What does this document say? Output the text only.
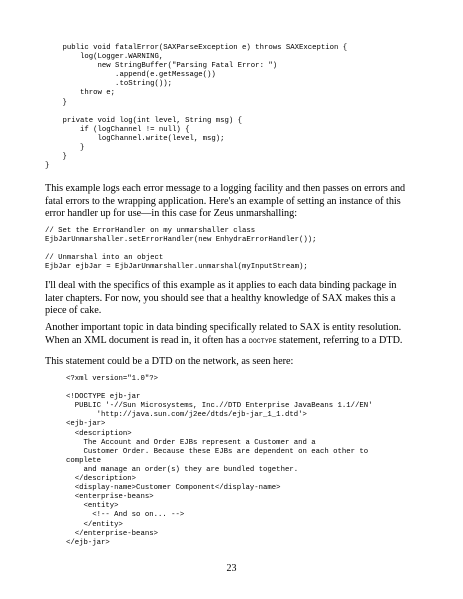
public void fatalError(SAXParseException e) throws SAXException {
log(Logger.WARNING,
new StringBuffer("Parsing Fatal Error: ")
.append(e.getMessage())
.toString());
throw e;
}

private void log(int level, String msg) {
if (logChannel != null) {
logChannel.write(level, msg);
}
}
}

This example logs each error message to a logging facility and then passes on errors and fatal errors to the wrapping application. Here's an example of setting an instance of this error handler up for use—in this case for Zeus unmarshalling:

// Set the ErrorHandler on my unmarshaller class
EjbJarUnmarshaller.setErrorHandler(new EnhydraErrorHandler());

// Unmarshal into an object
EjbJar ejbJar = EjbJarUnmarshaller.unmarshal(myInputStream);

I'll deal with the specifics of this example as it applies to each data binding package in later chapters. For now, you should see that a healthy knowledge of SAX makes this a piece of cake.

Another important topic in data binding specifically related to SAX is entity resolution. When an XML document is read in, it often has a DOCTYPE statement, referring to a DTD.

This statement could be a DTD on the network, as seen here:

<?xml version="1.0"?>

<!DOCTYPE ejb-jar
PUBLIC '-//Sun Microsystems, Inc.//DTD Enterprise JavaBeans 1.1//EN'
'http://java.sun.com/j2ee/dtds/ejb-jar_1_1.dtd'>
<ejb-jar>
<description>
The Account and Order EJBs represent a Customer and a
Customer Order. Because these EJBs are dependent on each other to
complete
and manage an order(s) they are bundled together.
</description>
<display-name>Customer Component</display-name>
<enterprise-beans>
<entity>
<!-- And so on... -->
</entity>
</enterprise-beans>
</ejb-jar>
23
